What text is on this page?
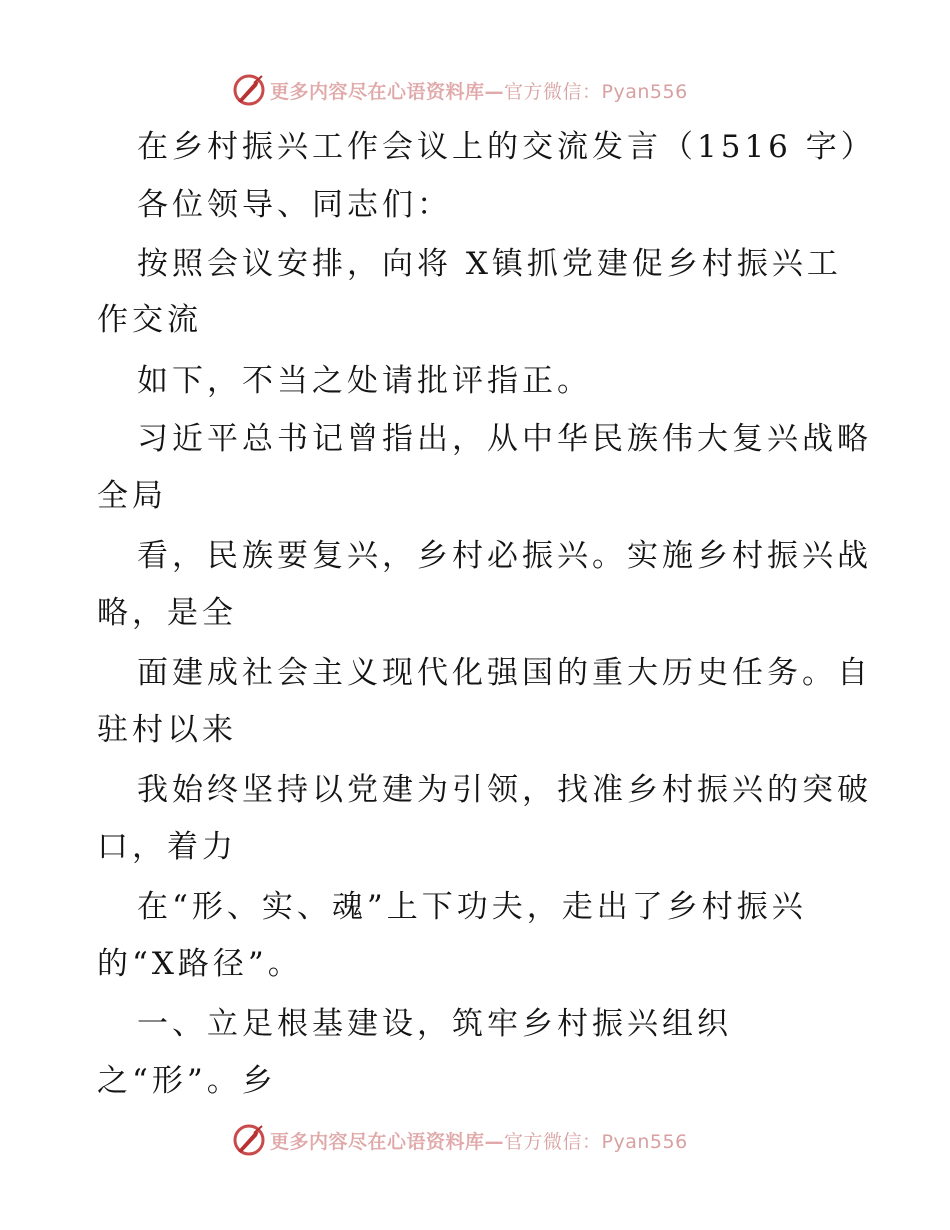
更多内容尽在心语资料库—官方微信：Pyan556
在乡村振兴工作会议上的交流发言（1516 字）
各位领导、同志们：
按照会议安排，向将 X镇抓党建促乡村振兴工
作交流
如下，不当之处请批评指正。
习近平总书记曾指出，从中华民族伟大复兴战略
全局
看，民族要复兴，乡村必振兴。实施乡村振兴战
略，是全
面建成社会主义现代化强国的重大历史任务。自
驻村以来
我始终坚持以党建为引领，找准乡村振兴的突破
口，着力
在“形、实、魂”上下功夫，走出了乡村振兴
的“X路径”。
一、立足根基建设，筑牢乡村振兴组织
之“形”。乡
更多内容尽在心语资料库—官方微信：Pyan556
